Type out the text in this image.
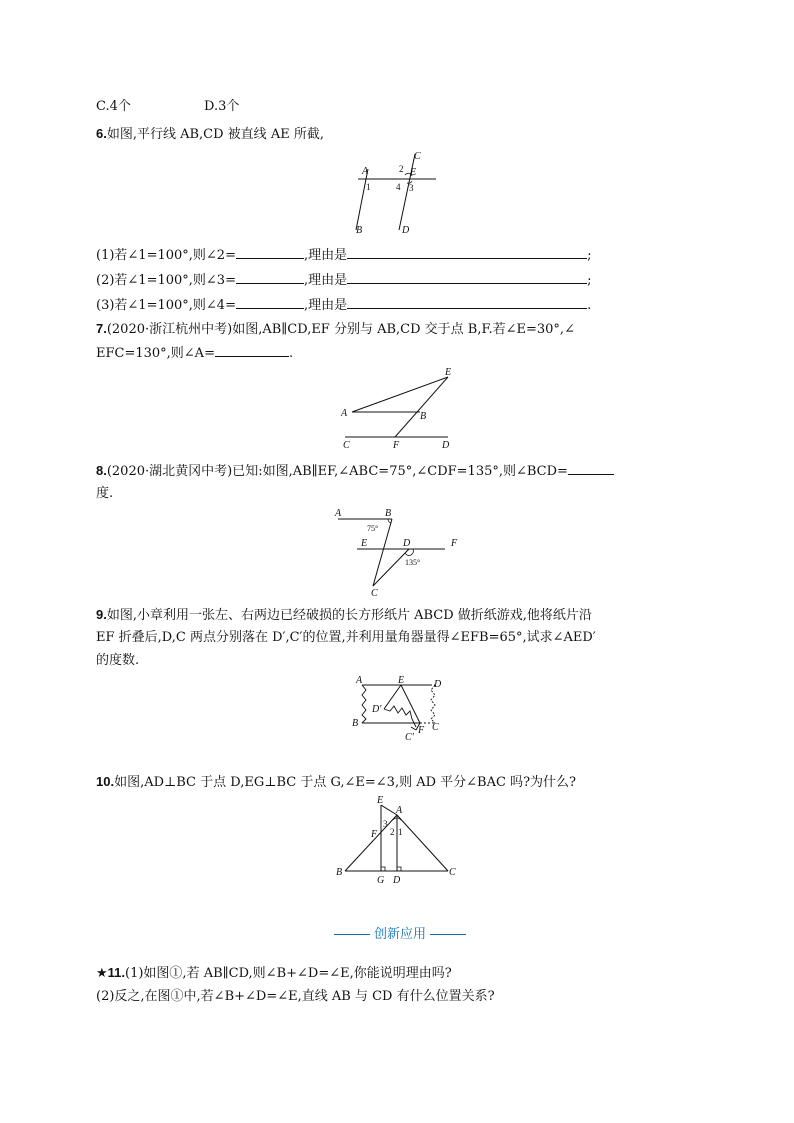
C.4个	D.3个
6.如图,平行线 AB,CD 被直线 AE 所截,
A
B
C
D
E
1
2
3
4
(1)若∠1=100°,则∠2=	,理由是	;
(2)若∠1=100°,则∠3=	,理由是	;
(3)若∠1=100°,则∠4=	,理由是	.
7.(2020·浙江杭州中考)如图,AB∥CD,EF 分别与 AB,CD 交于点 B,F.若∠E=30°,∠
EFC=130°,则∠A=	.
A	B
C	D
E
F
8.(2020·湖北黄冈中考)已知:如图,AB∥EF,∠ABC=75°,∠CDF=135°,则∠BCD=
度.
A	B
E	D	F
C
75°
135°
9.如图,小章利用一张左、右两边已经破损的长方形纸片 ABCD 做折纸游戏,他将纸片沿
EF 折叠后,D,C 两点分别落在 D′,C′的位置,并利用量角器量得∠EFB=65°,试求∠AED′
的度数.
A	E	D
B
F C
D′
C′
10.如图,AD⊥BC 于点 D,EG⊥BC 于点 G,∠E=∠3,则 AD 平分∠BAC 吗?为什么?
E
A
F
B	C
G D
1
2
3
创新应用
★11.(1)如图①,若 AB∥CD,则∠B+∠D=∠E,你能说明理由吗?
(2)反之,在图①中,若∠B+∠D=∠E,直线 AB 与 CD 有什么位置关系?
